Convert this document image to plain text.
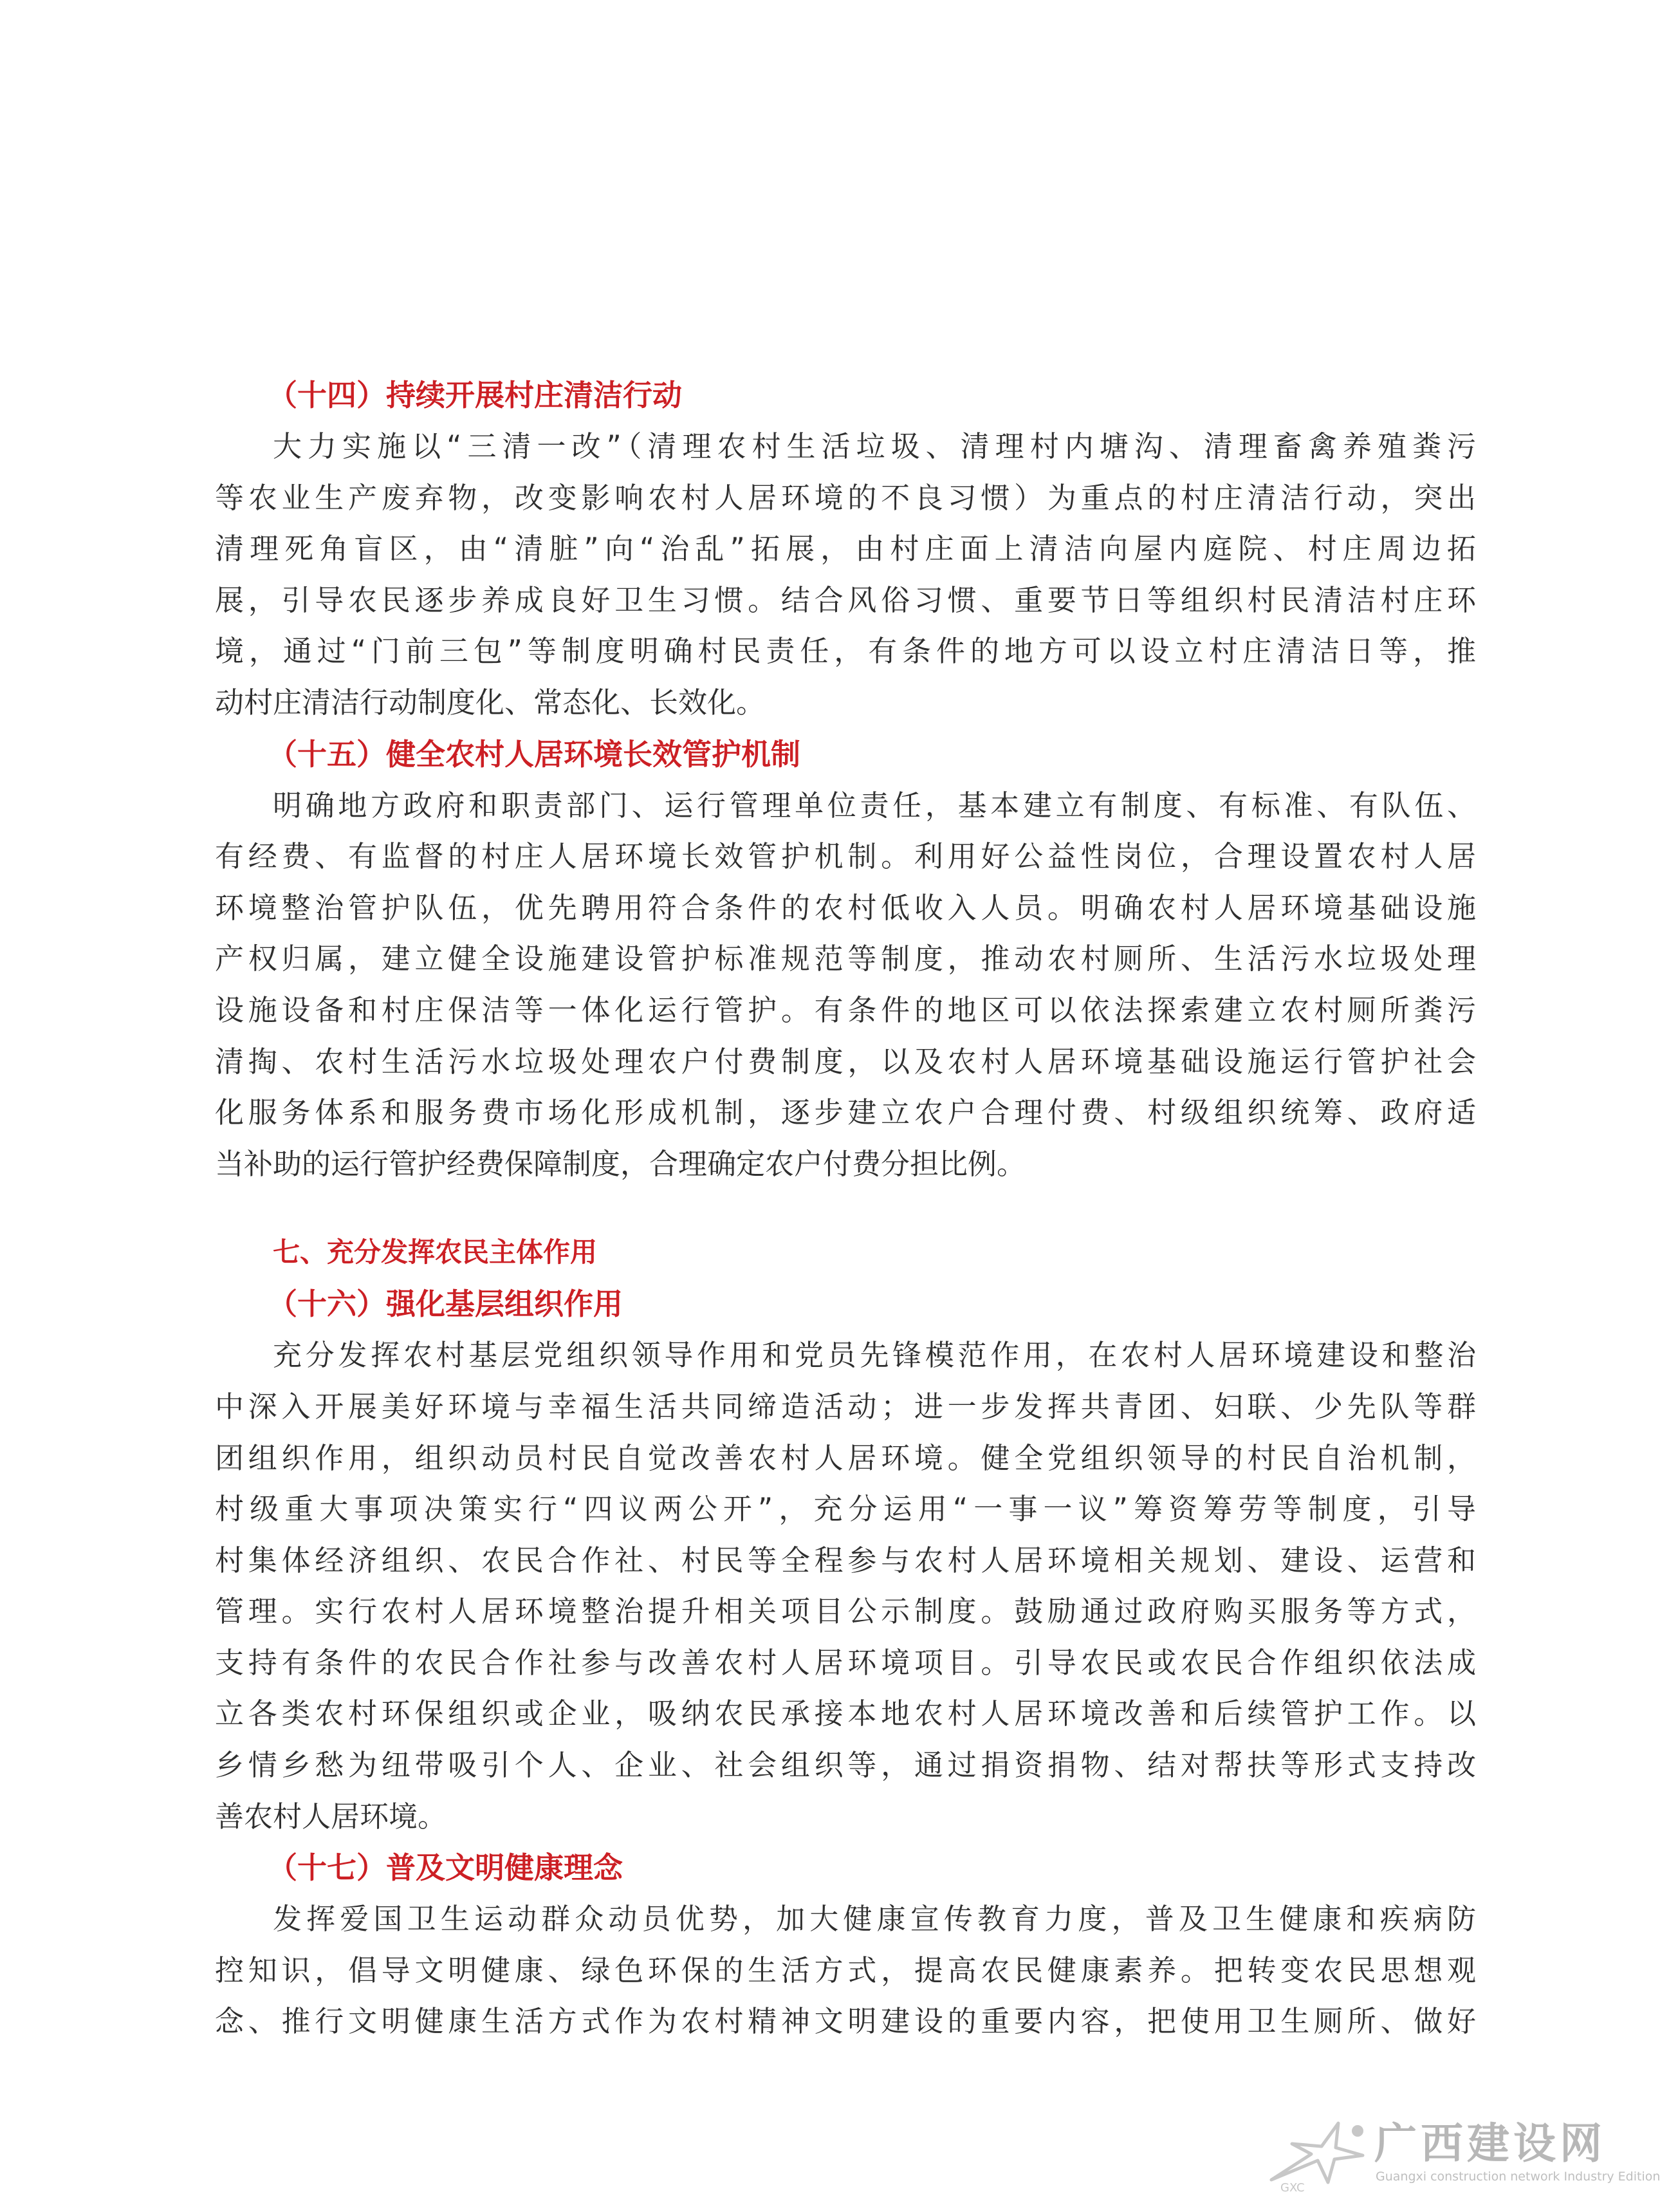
（十四）持续开展村庄清洁行动
大力实施以“三清一改”（清理农村生活垃圾、清理村内塘沟、清理畜禽养殖粪污
等农业生产废弃物，改变影响农村人居环境的不良习惯）为重点的村庄清洁行动，突出
清理死角盲区，由“清脏”向“治乱”拓展，由村庄面上清洁向屋内庭院、村庄周边拓
展，引导农民逐步养成良好卫生习惯。结合风俗习惯、重要节日等组织村民清洁村庄环
境，通过“门前三包”等制度明确村民责任，有条件的地方可以设立村庄清洁日等，推
动村庄清洁行动制度化、常态化、长效化。
（十五）健全农村人居环境长效管护机制
明确地方政府和职责部门、运行管理单位责任，基本建立有制度、有标准、有队伍、
有经费、有监督的村庄人居环境长效管护机制。利用好公益性岗位，合理设置农村人居
环境整治管护队伍，优先聘用符合条件的农村低收入人员。明确农村人居环境基础设施
产权归属，建立健全设施建设管护标准规范等制度，推动农村厕所、生活污水垃圾处理
设施设备和村庄保洁等一体化运行管护。有条件的地区可以依法探索建立农村厕所粪污
清掏、农村生活污水垃圾处理农户付费制度，以及农村人居环境基础设施运行管护社会
化服务体系和服务费市场化形成机制，逐步建立农户合理付费、村级组织统筹、政府适
当补助的运行管护经费保障制度，合理确定农户付费分担比例。
七、充分发挥农民主体作用
（十六）强化基层组织作用
充分发挥农村基层党组织领导作用和党员先锋模范作用，在农村人居环境建设和整治
中深入开展美好环境与幸福生活共同缔造活动；进一步发挥共青团、妇联、少先队等群
团组织作用，组织动员村民自觉改善农村人居环境。健全党组织领导的村民自治机制，
村级重大事项决策实行“四议两公开”，充分运用“一事一议”筹资筹劳等制度，引导
村集体经济组织、农民合作社、村民等全程参与农村人居环境相关规划、建设、运营和
管理。实行农村人居环境整治提升相关项目公示制度。鼓励通过政府购买服务等方式，
支持有条件的农民合作社参与改善农村人居环境项目。引导农民或农民合作组织依法成
立各类农村环保组织或企业，吸纳农民承接本地农村人居环境改善和后续管护工作。以
乡情乡愁为纽带吸引个人、企业、社会组织等，通过捐资捐物、结对帮扶等形式支持改
善农村人居环境。
（十七）普及文明健康理念
发挥爱国卫生运动群众动员优势，加大健康宣传教育力度，普及卫生健康和疾病防
控知识，倡导文明健康、绿色环保的生活方式，提高农民健康素养。把转变农民思想观
念、推行文明健康生活方式作为农村精神文明建设的重要内容，把使用卫生厕所、做好
广西建设网
Guangxi construction network Industry Edition
GXC
